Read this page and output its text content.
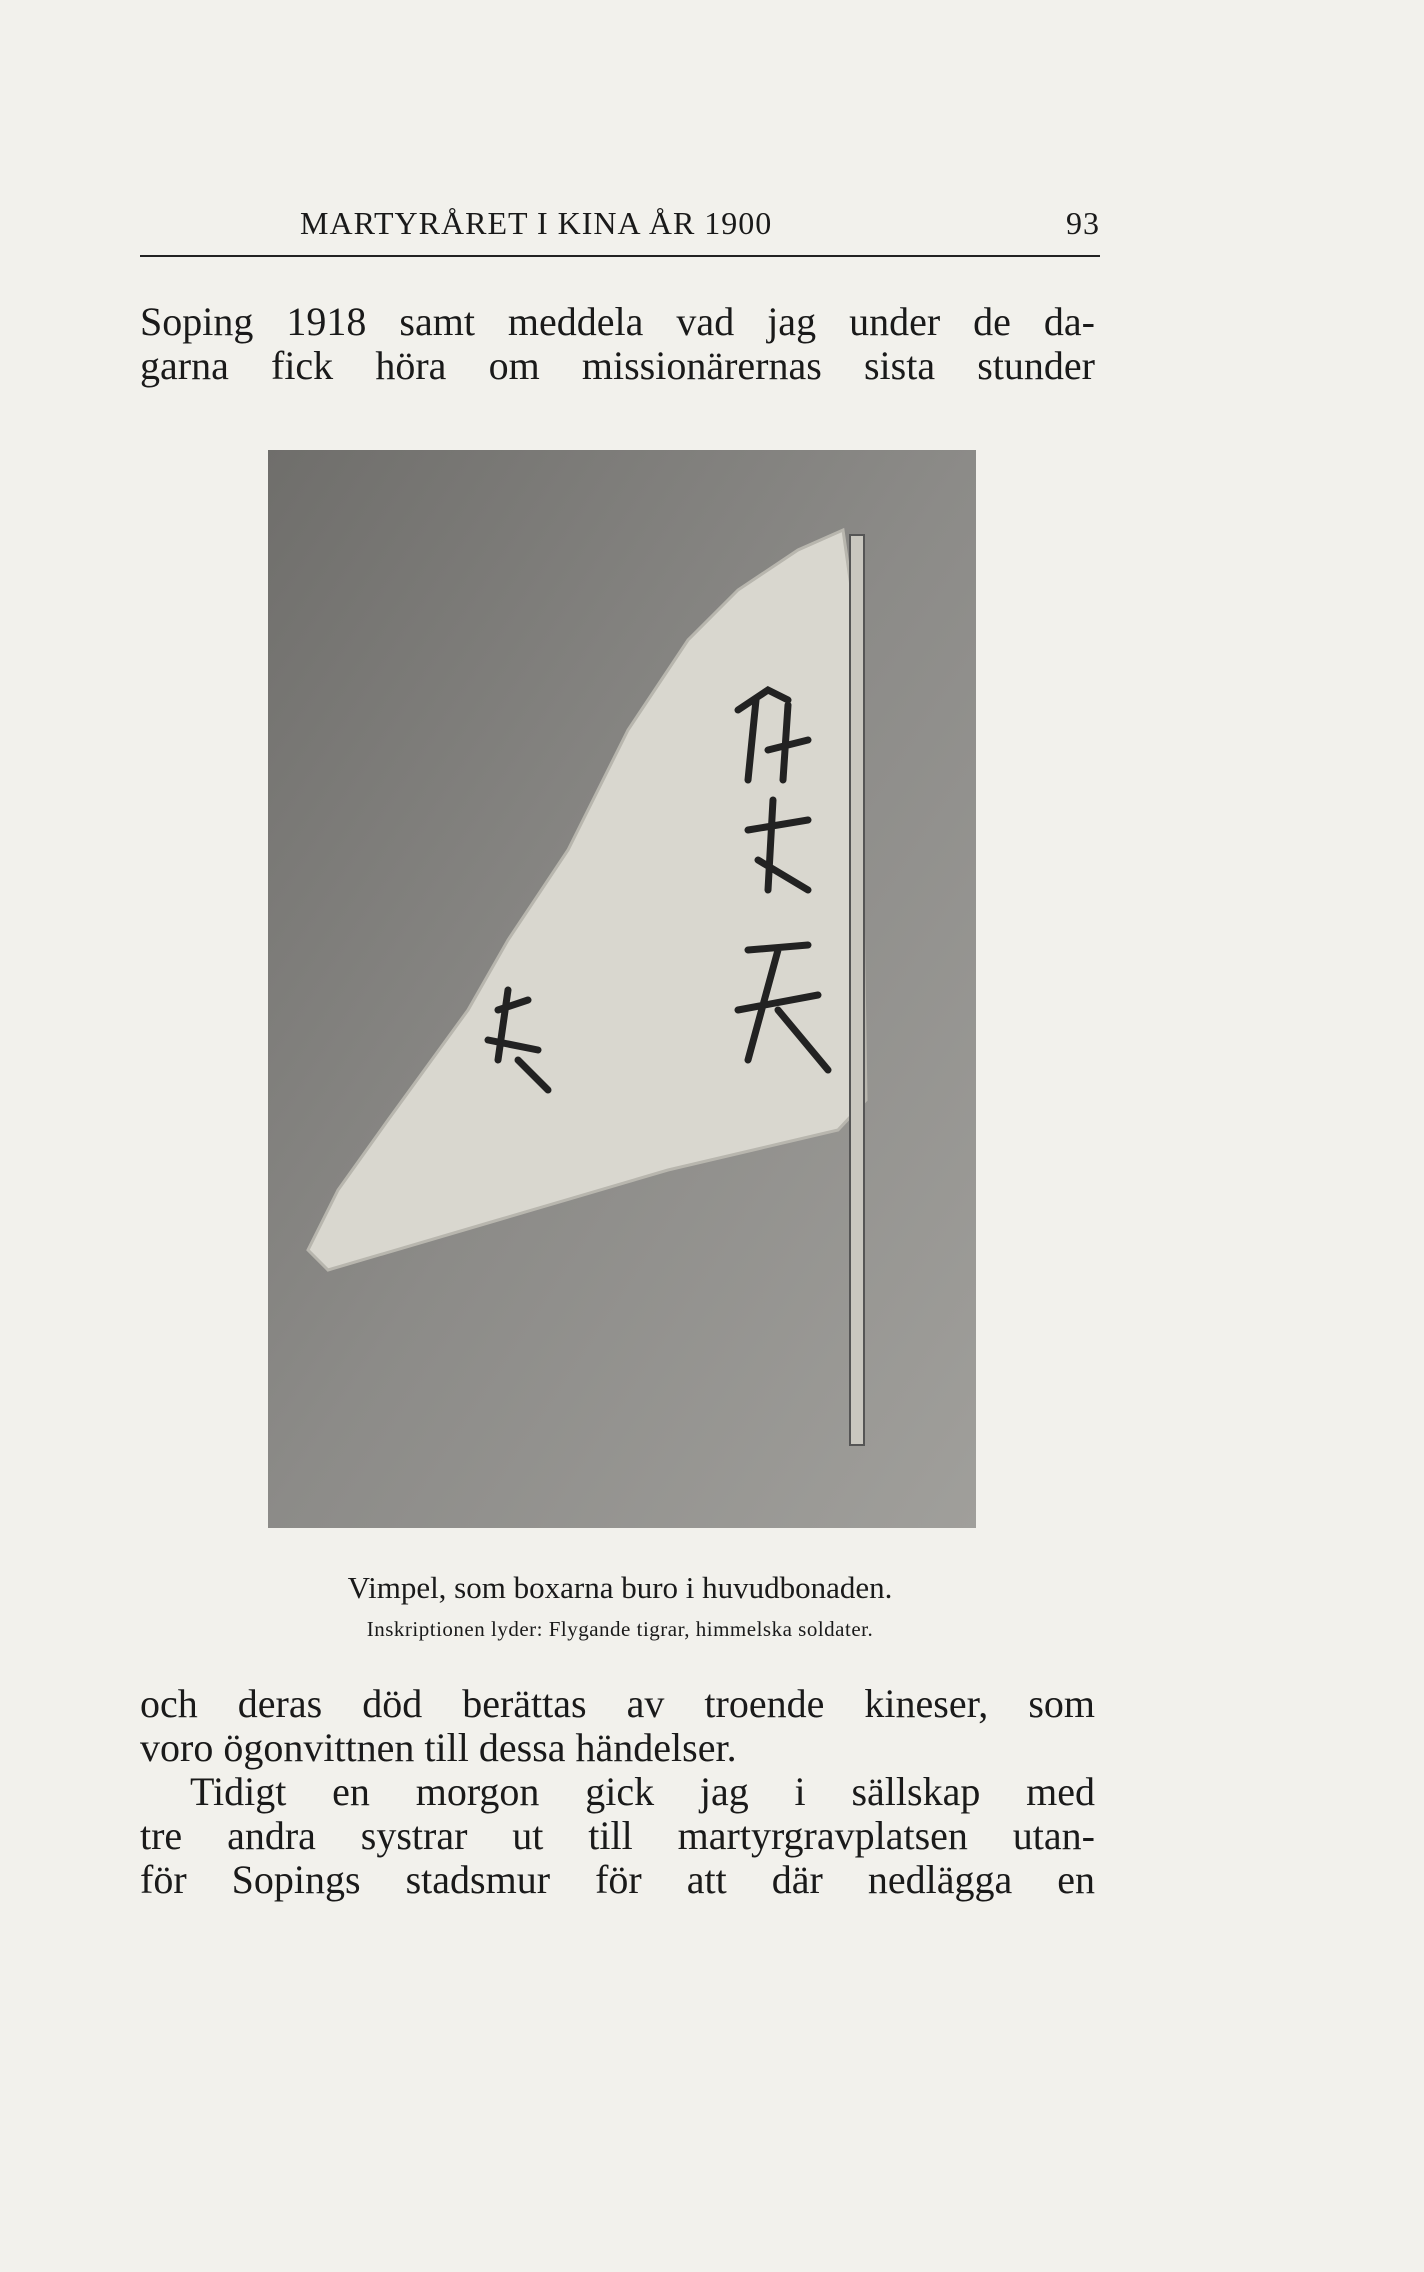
MARTYRÅRET I KINA ÅR 1900	93
Soping 1918 samt meddela vad jag under de da-
garna fick höra om missionärernas sista stunder
Vimpel, som boxarna buro i huvudbonaden.
Inskriptionen lyder: Flygande tigrar, himmelska soldater.
och deras död berättas av troende kineser, som
voro ögonvittnen till dessa händelser.
Tidigt en morgon gick jag i sällskap med
tre andra systrar ut till martyrgravplatsen utan-
för Sopings stadsmur för att där nedlägga en
